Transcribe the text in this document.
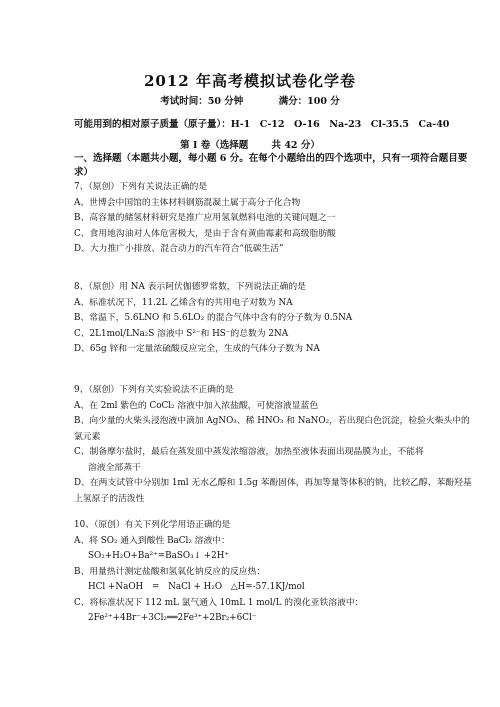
2012 年高考模拟试卷化学卷
考试时间：50 分钟	满分：100 分
可能用到的相对原子质量（原子量）：H-1　C-12　O-16　Na-23　Cl-35.5　Ca-40
第 I 卷（选择题 共 42 分）
一、选择题（本题共小题，每小题 6 分。在每个小题给出的四个选项中，只有一项符合题目要求）

7、（原创）下列有关说法正确的是

A、世博会中国馆的主体材料钢筋混凝土属于高分子化合物

B、高容量的储氢材料研究是推广应用氢氧燃料电池的关键问题之一

C、食用地沟油对人体危害极大，是由于含有黄曲霉素和高级脂肪酸

D、大力推广小排放、混合动力的汽车符合“低碳生活”

8、（原创）用 NA 表示阿伏伽德罗常数，下列说法正确的是

A、标准状况下，11.2L 乙烯含有的共用电子对数为 NA

B、常温下，5.6LNO 和 5.6LO₂ 的混合气体中含有的分子数为 0.5NA

C、2L1mol/LNa₂S 溶液中 S²⁻和 HS⁻的总数为 2NA

D、65g 锌和一定量浓硫酸反应完全，生成的气体分子数为 NA

9、（原创）下列有关实验说法不正确的是

A、在 2ml 紫色的 CoCl₂ 溶液中加入浓盐酸，可使溶液显蓝色

B、向少量的火柴头浸泡液中滴加 AgNO₃、稀 HNO₃ 和 NaNO₂，若出现白色沉淀，检验火柴头中的氯元素

C、制备摩尔盐时，最后在蒸发皿中蒸发浓缩溶液，加热至液体表面出现晶膜为止，不能将

溶液全部蒸干

D、在两支试管中分别加 1ml 无水乙醇和 1.5g 苯酚固体，再加等量等体积的钠，比较乙醇、苯酚羟基上氢原子的活泼性

10、（原创）有关下列化学用语正确的是

A、将 SO₂ 通入到酸性 BaCl₂ 溶液中：

SO₂+H₂O+Ba²⁺=BaSO₃↓ +2H⁺

B、用量热计测定盐酸和氢氧化钠反应的反应热：

HCl +NaOH　=　NaCl + H₂O　△H=-57.1KJ/mol

C、将标准状况下 112 mL 氯气通入 10mL 1 mol/L 的溴化亚铁溶液中：

2Fe²⁺+4Br⁻+3Cl₂══2Fe³⁺+2Br₂+6Cl⁻
